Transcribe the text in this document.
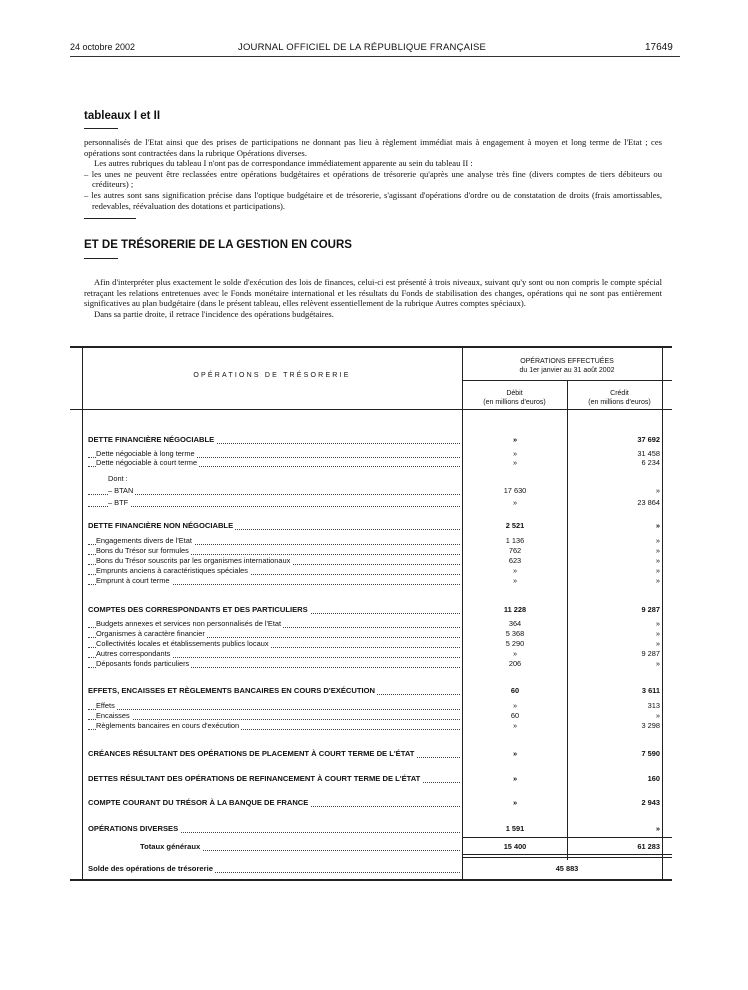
24 octobre 2002	JOURNAL OFFICIEL DE LA RÉPUBLIQUE FRANÇAISE	17649
tableaux I et II

personnalisés de l'Etat ainsi que des prises de participations ne donnant pas lieu à règlement immédiat mais à engagement à moyen et long terme de l'Etat ; ces opérations sont contractées dans la rubrique Opérations diverses.

Les autres rubriques du tableau I n'ont pas de correspondance immédiatement apparente au sein du tableau II :

– les unes ne peuvent être reclassées entre opérations budgétaires et opérations de trésorerie qu'après une analyse très fine (divers comptes de tiers débiteurs ou créditeurs) ;

– les autres sont sans signification précise dans l'optique budgétaire et de trésorerie, s'agissant d'opérations d'ordre ou de constatation de droits (frais amortissables, redevables, réévaluation des dotations et participations).

ET DE TRÉSORERIE DE LA GESTION EN COURS

Afin d'interpréter plus exactement le solde d'exécution des lois de finances, celui-ci est présenté à trois niveaux, suivant qu'y sont ou non compris le compte spécial retraçant les relations entretenues avec le Fonds monétaire international et les résultats du Fonds de stabilisation des changes, opérations qui ne sont pas entièrement significatives au plan budgétaire (dans le présent tableau, elles relèvent essentiellement de la rubrique Autres comptes spéciaux).

Dans sa partie droite, il retrace l'incidence des opérations budgétaires.

OPÉRATIONS DE TRÉSORERIE
OPÉRATIONS EFFECTUÉES
du 1er janvier au 31 août 2002
Débit
(en millions d'euros)
Crédit
(en millions d'euros)
DETTE FINANCIÈRE NÉGOCIABLE	»	37 692
Dette négociable à long terme	»	31 458
Dette négociable à court terme	»	6 234
Dont :
– BTAN	17 630	»
– BTF	»	23 864
DETTE FINANCIÈRE NON NÉGOCIABLE	2 521	»
Engagements divers de l'Etat	1 136	»
Bons du Trésor sur formules	762	»
Bons du Trésor souscrits par les organismes internationaux	623	»
Emprunts anciens à caractéristiques spéciales	»	»
Emprunt à court terme	»	»
COMPTES DES CORRESPONDANTS ET DES PARTICULIERS	11 228	9 287
Budgets annexes et services non personnalisés de l'Etat	364	»
Organismes à caractère financier	5 368	»
Collectivités locales et établissements publics locaux	5 290	»
Autres correspondants	»	9 287
Déposants fonds particuliers	206	»
EFFETS, ENCAISSES ET RÈGLEMENTS BANCAIRES EN COURS D'EXÉCUTION	60	3 611
Effets	»	313
Encaisses	60	»
Règlements bancaires en cours d'exécution	»	3 298
CRÉANCES RÉSULTANT DES OPÉRATIONS DE PLACEMENT À COURT TERME DE L'ÉTAT	»	7 590
DETTES RÉSULTANT DES OPÉRATIONS DE REFINANCEMENT À COURT TERME DE L'ÉTAT	»	160
COMPTE COURANT DU TRÉSOR À LA BANQUE DE FRANCE	»	2 943
OPÉRATIONS DIVERSES	1 591	»
Totaux généraux	15 400	61 283
Solde des opérations de trésorerie	45 883
